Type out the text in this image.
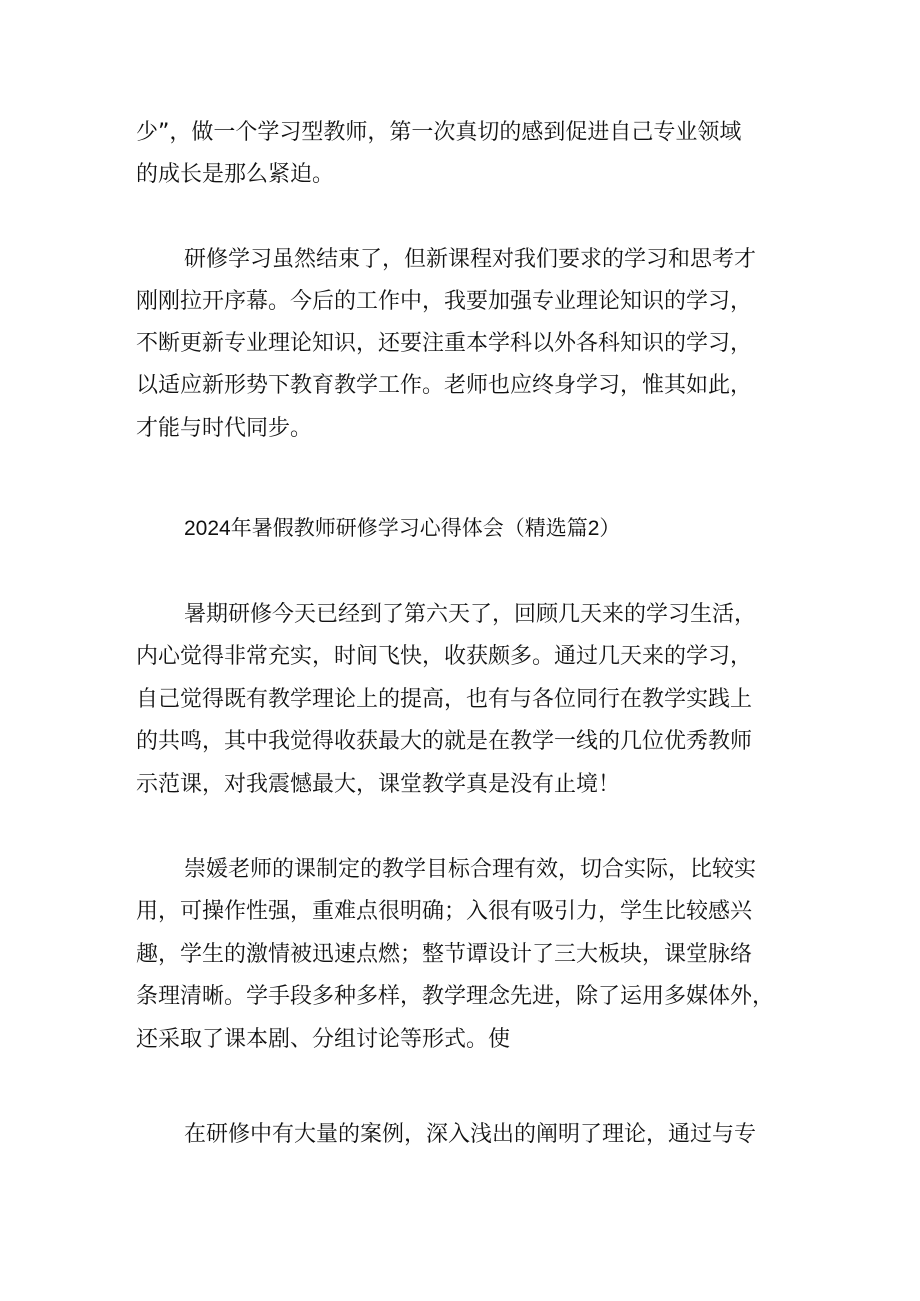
少”，做一个学习型教师，第一次真切的感到促进自己专业领域
的成长是那么紧迫。
研修学习虽然结束了，但新课程对我们要求的学习和思考才
刚刚拉开序幕。今后的工作中，我要加强专业理论知识的学习，
不断更新专业理论知识，还要注重本学科以外各科知识的学习，
以适应新形势下教育教学工作。老师也应终身学习，惟其如此，
才能与时代同步。
2024年暑假教师研修学习心得体会（精选篇2）
暑期研修今天已经到了第六天了，回顾几天来的学习生活，
内心觉得非常充实，时间飞快，收获颇多。通过几天来的学习，
自己觉得既有教学理论上的提高，也有与各位同行在教学实践上
的共鸣，其中我觉得收获最大的就是在教学一线的几位优秀教师
示范课，对我震憾最大，课堂教学真是没有止境！
崇媛老师的课制定的教学目标合理有效，切合实际，比较实
用，可操作性强，重难点很明确；入很有吸引力，学生比较感兴
趣，学生的激情被迅速点燃；整节谭设计了三大板块，课堂脉络
条理清晰。学手段多种多样，教学理念先进，除了运用多媒体外，
还采取了课本剧、分组讨论等形式。使
在研修中有大量的案例，深入浅出的阐明了理论，通过与专
